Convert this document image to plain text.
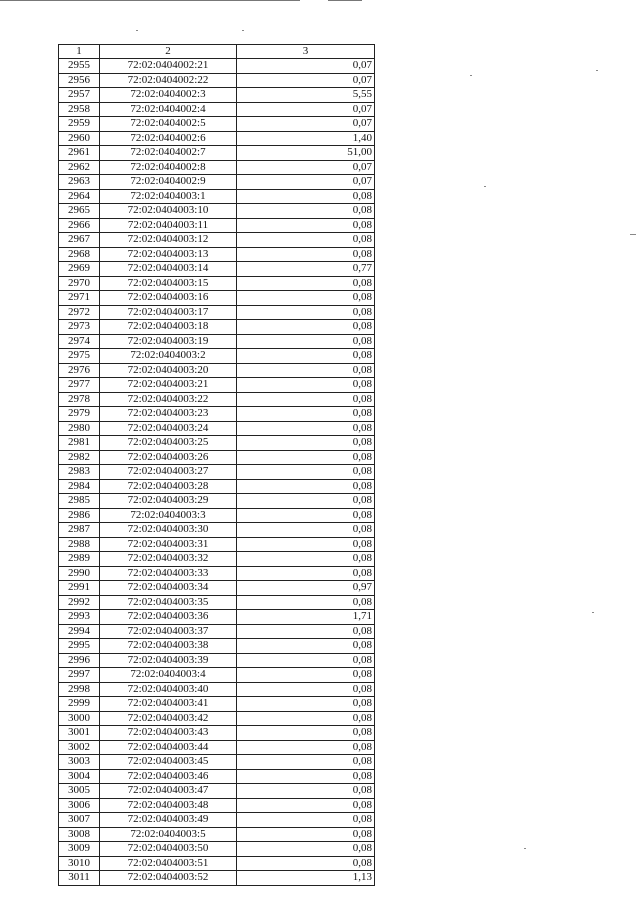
1	2	3
2955	72:02:0404002:21	0,07
2956	72:02:0404002:22	0,07
2957	72:02:0404002:3	5,55
2958	72:02:0404002:4	0,07
2959	72:02:0404002:5	0,07
2960	72:02:0404002:6	1,40
2961	72:02:0404002:7	51,00
2962	72:02:0404002:8	0,07
2963	72:02:0404002:9	0,07
2964	72:02:0404003:1	0,08
2965	72:02:0404003:10	0,08
2966	72:02:0404003:11	0,08
2967	72:02:0404003:12	0,08
2968	72:02:0404003:13	0,08
2969	72:02:0404003:14	0,77
2970	72:02:0404003:15	0,08
2971	72:02:0404003:16	0,08
2972	72:02:0404003:17	0,08
2973	72:02:0404003:18	0,08
2974	72:02:0404003:19	0,08
2975	72:02:0404003:2	0,08
2976	72:02:0404003:20	0,08
2977	72:02:0404003:21	0,08
2978	72:02:0404003:22	0,08
2979	72:02:0404003:23	0,08
2980	72:02:0404003:24	0,08
2981	72:02:0404003:25	0,08
2982	72:02:0404003:26	0,08
2983	72:02:0404003:27	0,08
2984	72:02:0404003:28	0,08
2985	72:02:0404003:29	0,08
2986	72:02:0404003:3	0,08
2987	72:02:0404003:30	0,08
2988	72:02:0404003:31	0,08
2989	72:02:0404003:32	0,08
2990	72:02:0404003:33	0,08
2991	72:02:0404003:34	0,97
2992	72:02:0404003:35	0,08
2993	72:02:0404003:36	1,71
2994	72:02:0404003:37	0,08
2995	72:02:0404003:38	0,08
2996	72:02:0404003:39	0,08
2997	72:02:0404003:4	0,08
2998	72:02:0404003:40	0,08
2999	72:02:0404003:41	0,08
3000	72:02:0404003:42	0,08
3001	72:02:0404003:43	0,08
3002	72:02:0404003:44	0,08
3003	72:02:0404003:45	0,08
3004	72:02:0404003:46	0,08
3005	72:02:0404003:47	0,08
3006	72:02:0404003:48	0,08
3007	72:02:0404003:49	0,08
3008	72:02:0404003:5	0,08
3009	72:02:0404003:50	0,08
3010	72:02:0404003:51	0,08
3011	72:02:0404003:52	1,13
